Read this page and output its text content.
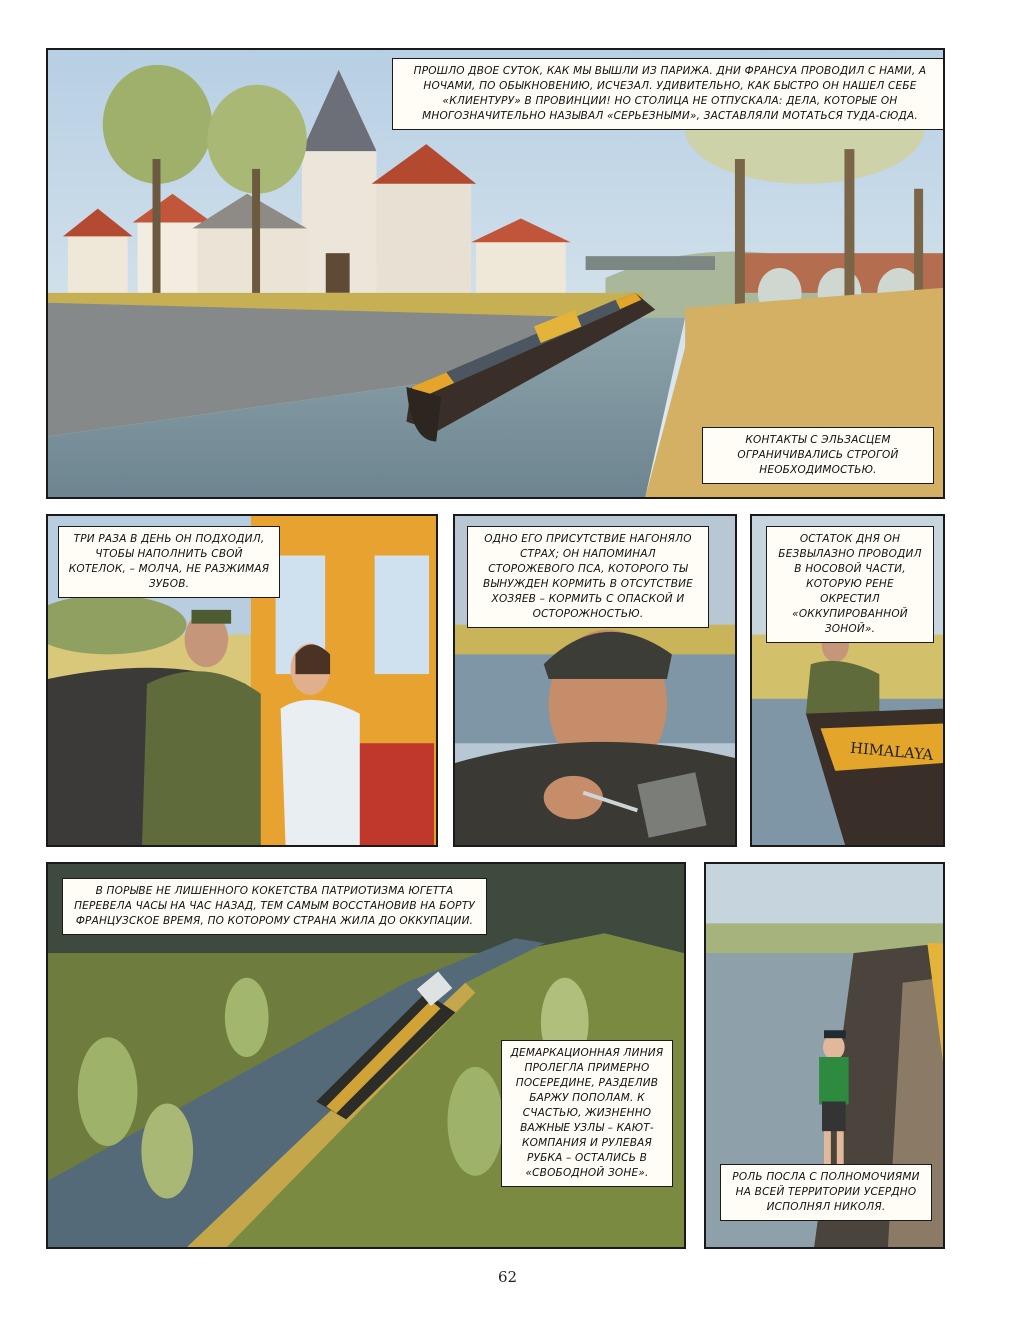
ПРОШЛО ДВОЕ СУТОК, КАК МЫ ВЫШЛИ ИЗ ПАРИЖА. ДНИ ФРАНСУА ПРОВОДИЛ С НАМИ, А НОЧАМИ, ПО ОБЫКНОВЕНИЮ, ИСЧЕЗАЛ. УДИВИТЕЛЬНО, КАК БЫСТРО ОН НАШЕЛ СЕБЕ «КЛИЕНТУРУ» В ПРОВИНЦИИ! НО СТОЛИЦА НЕ ОТПУСКАЛА: ДЕЛА, КОТОРЫЕ ОН МНОГОЗНАЧИТЕЛЬНО НАЗЫВАЛ «СЕРЬЕЗНЫМИ», ЗАСТАВЛЯЛИ МОТАТЬСЯ ТУДА-СЮДА.
КОНТАКТЫ С ЭЛЬЗАСЦЕМ ОГРАНИЧИВАЛИСЬ СТРОГОЙ НЕОБХОДИМОСТЬЮ.
ТРИ РАЗА В ДЕНЬ ОН ПОДХОДИЛ, ЧТОБЫ НАПОЛНИТЬ СВОЙ КОТЕЛОК, – МОЛЧА, НЕ РАЗЖИМАЯ ЗУБОВ.
ОДНО ЕГО ПРИСУТСТВИЕ НАГОНЯЛО СТРАХ; ОН НАПОМИНАЛ СТОРОЖЕВОГО ПСА, КОТОРОГО ТЫ ВЫНУЖДЕН КОРМИТЬ В ОТСУТСТВИЕ ХОЗЯЕВ – КОРМИТЬ С ОПАСКОЙ И ОСТОРОЖНОСТЬЮ.
HIMALAYA
ОСТАТОК ДНЯ ОН БЕЗВЫЛАЗНО ПРОВОДИЛ В НОСОВОЙ ЧАСТИ, КОТОРУЮ РЕНЕ ОКРЕСТИЛ «ОККУПИРОВАННОЙ ЗОНОЙ».
В ПОРЫВЕ НЕ ЛИШЕННОГО КОКЕТСТВА ПАТРИОТИЗМА ЮГЕТТА ПЕРЕВЕЛА ЧАСЫ НА ЧАС НАЗАД, ТЕМ САМЫМ ВОССТАНОВИВ НА БОРТУ ФРАНЦУЗСКОЕ ВРЕМЯ, ПО КОТОРОМУ СТРАНА ЖИЛА ДО ОККУПАЦИИ.
ДЕМАРКАЦИОННАЯ ЛИНИЯ ПРОЛЕГЛА ПРИМЕРНО ПОСЕРЕДИНЕ, РАЗДЕЛИВ БАРЖУ ПОПОЛАМ. К СЧАСТЬЮ, ЖИЗНЕННО ВАЖНЫЕ УЗЛЫ – КАЮТ-КОМПАНИЯ И РУЛЕВАЯ РУБКА – ОСТАЛИСЬ В «СВОБОДНОЙ ЗОНЕ».	РОЛЬ ПОСЛА С ПОЛНОМОЧИЯМИ НА ВСЕЙ ТЕРРИТОРИИ УСЕРДНО ИСПОЛНЯЛ НИКОЛЯ.
62
